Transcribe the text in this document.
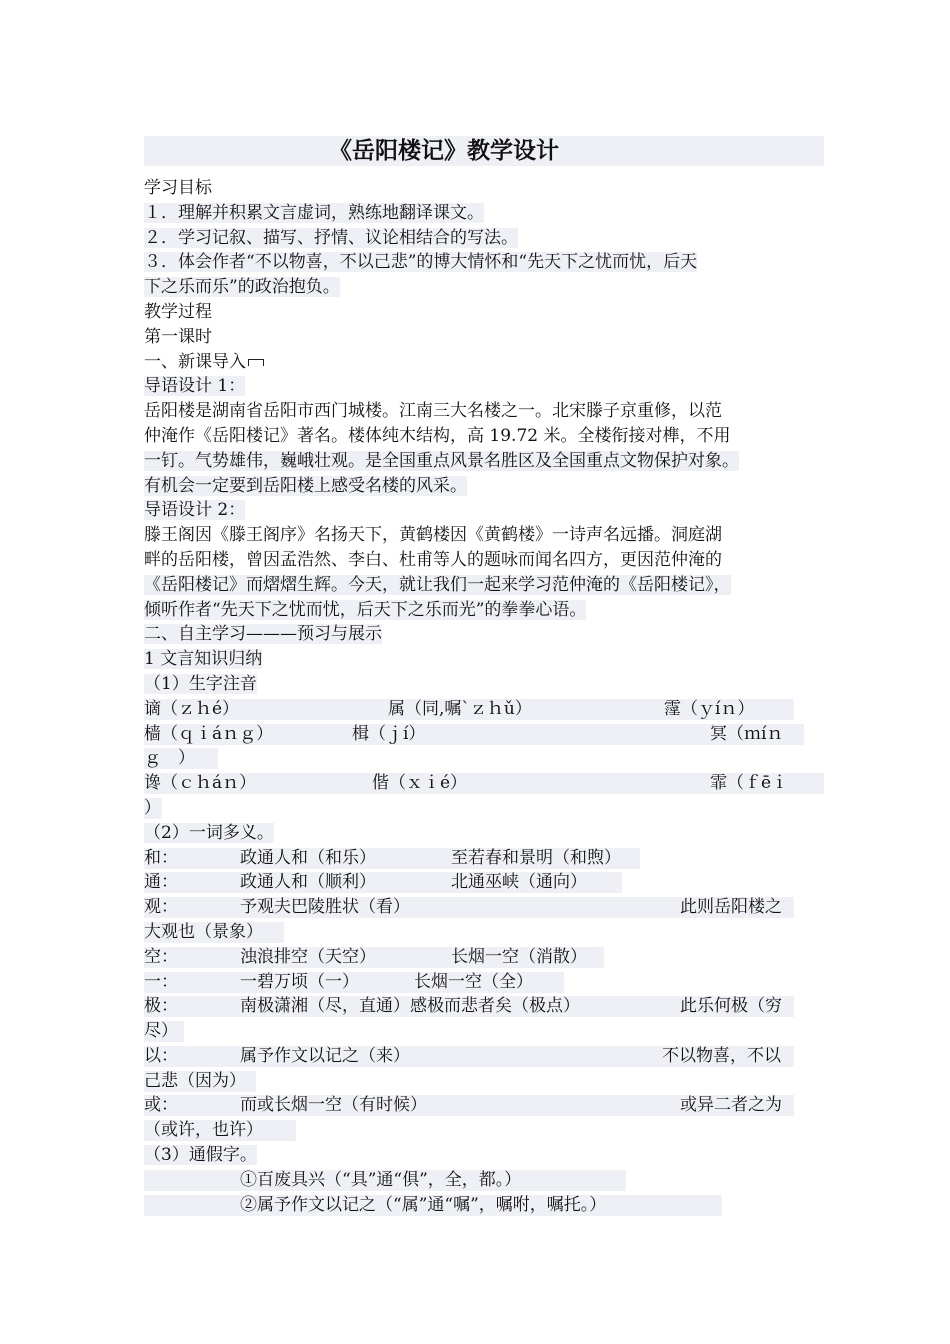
《岳阳楼记》教学设计
学习目标
１．理解并积累文言虚词，熟练地翻译课文。
２．学习记叙、描写、抒情、议论相结合的写法。
３．体会作者“不以物喜，不以己悲”的博大情怀和“先天下之忧而忧，后天
下之乐而乐”的政治抱负。
教学过程
第一课时
一、新课导入
导语设计 1：
岳阳楼是湖南省岳阳市西门城楼。江南三大名楼之一。北宋滕子京重修，以范
仲淹作《岳阳楼记》著名。楼体纯木结构，高 19.72 米。全楼衔接对榫，不用
一钉。气势雄伟，巍峨壮观。是全国重点风景名胜区及全国重点文物保护对象。
有机会一定要到岳阳楼上感受名楼的风采。
导语设计 2：
滕王阁因《滕王阁序》名扬天下，黄鹤楼因《黄鹤楼》一诗声名远播。洞庭湖
畔的岳阳楼，曾因孟浩然、李白、杜甫等人的题咏而闻名四方，更因范仲淹的
《岳阳楼记》而熠熠生辉。今天，就让我们一起来学习范仲淹的《岳阳楼记》，
倾听作者“先天下之忧而忧，后天下之乐而光”的拳拳心语。
二、自主学习———预习与展示
1 文言知识归纳
（1）生字注音
谪（ｚｈé）	属（同,嘱ˋｚｈǔ）	霪（ｙíｎ）
樯（ｑｉáｎｇ）	楫（ｊí）	冥（ｍíｎ
ｇ　）
谗（ｃｈáｎ）	偕（ｘｉé）	霏（ｆēｉ
）
（2）一词多义。
和：	政通人和（和乐）	至若春和景明（和煦）
通：	政通人和（顺利）	北通巫峡（通向）
观：	予观夫巴陵胜状（看）	此则岳阳楼之
大观也（景象）
空：	浊浪排空（天空）	长烟一空（消散）
一：	一碧万顷（一）	长烟一空（全）
极：	南极潇湘（尽，直通）感极而悲者矣（极点）	此乐何极（穷
尽）
以：	属予作文以记之（来）	不以物喜，不以
己悲（因为）
或：	而或长烟一空（有时候）	或异二者之为
（或许，也许）
（3）通假字。
①百废具兴（“具”通“俱”，全，都。）
②属予作文以记之（“属”通“嘱”，嘱咐，嘱托。）
